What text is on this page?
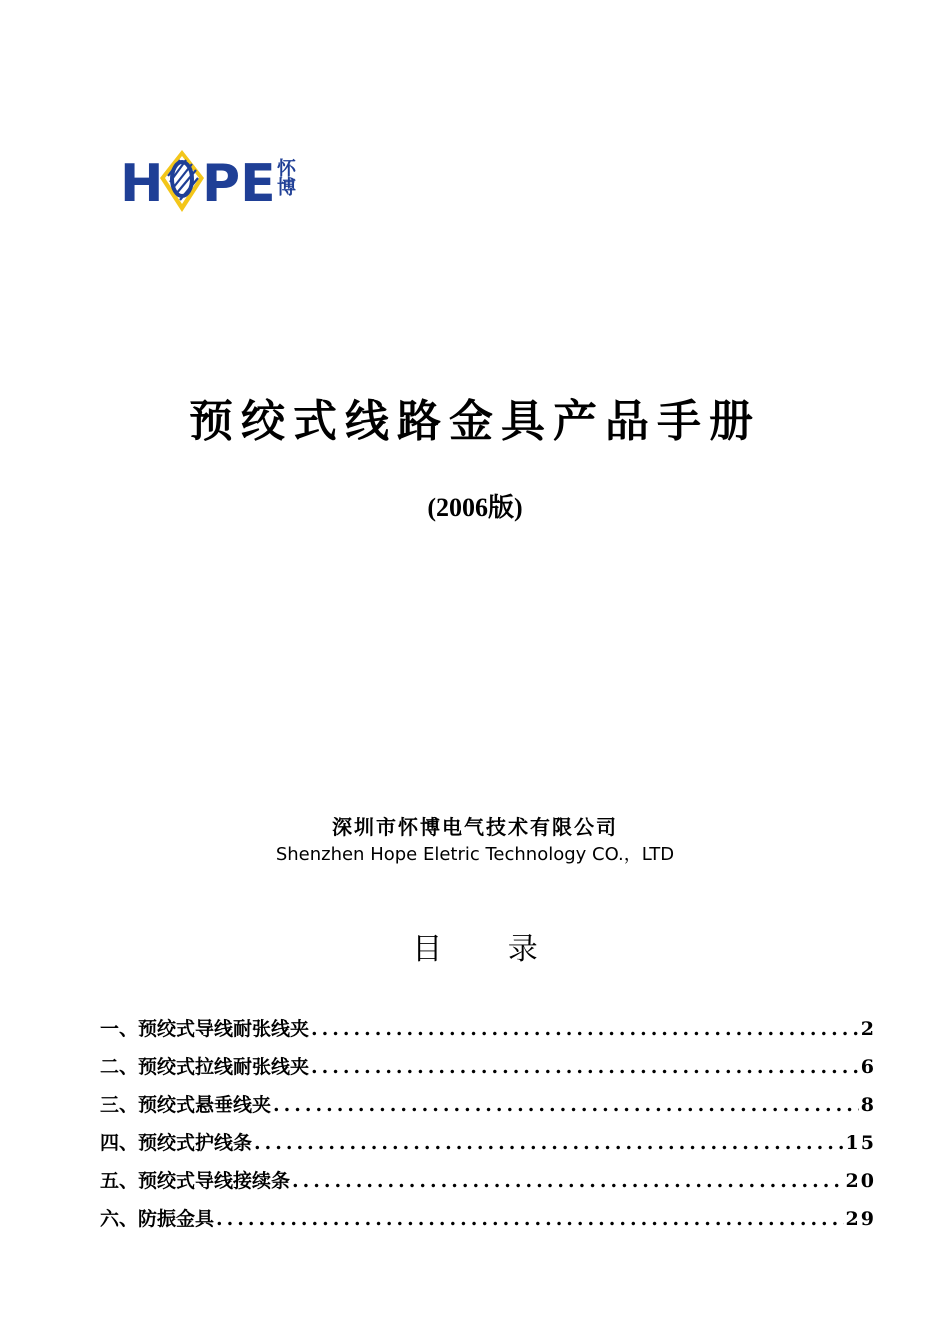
H PE
怀博
预绞式线路金具产品手册
(2006版)
深圳市怀博电气技术有限公司
Shenzhen Hope Eletric Technology CO.，LTD
目 录
一、预绞式导线耐张线夹 .....	2
二、预绞式拉线耐张线夹 .....	6
三、预绞式悬垂线夹 .....	8
四、预绞式护线条 .....	15
五、预绞式导线接续条 .....	20
六、防振金具 .....	29
